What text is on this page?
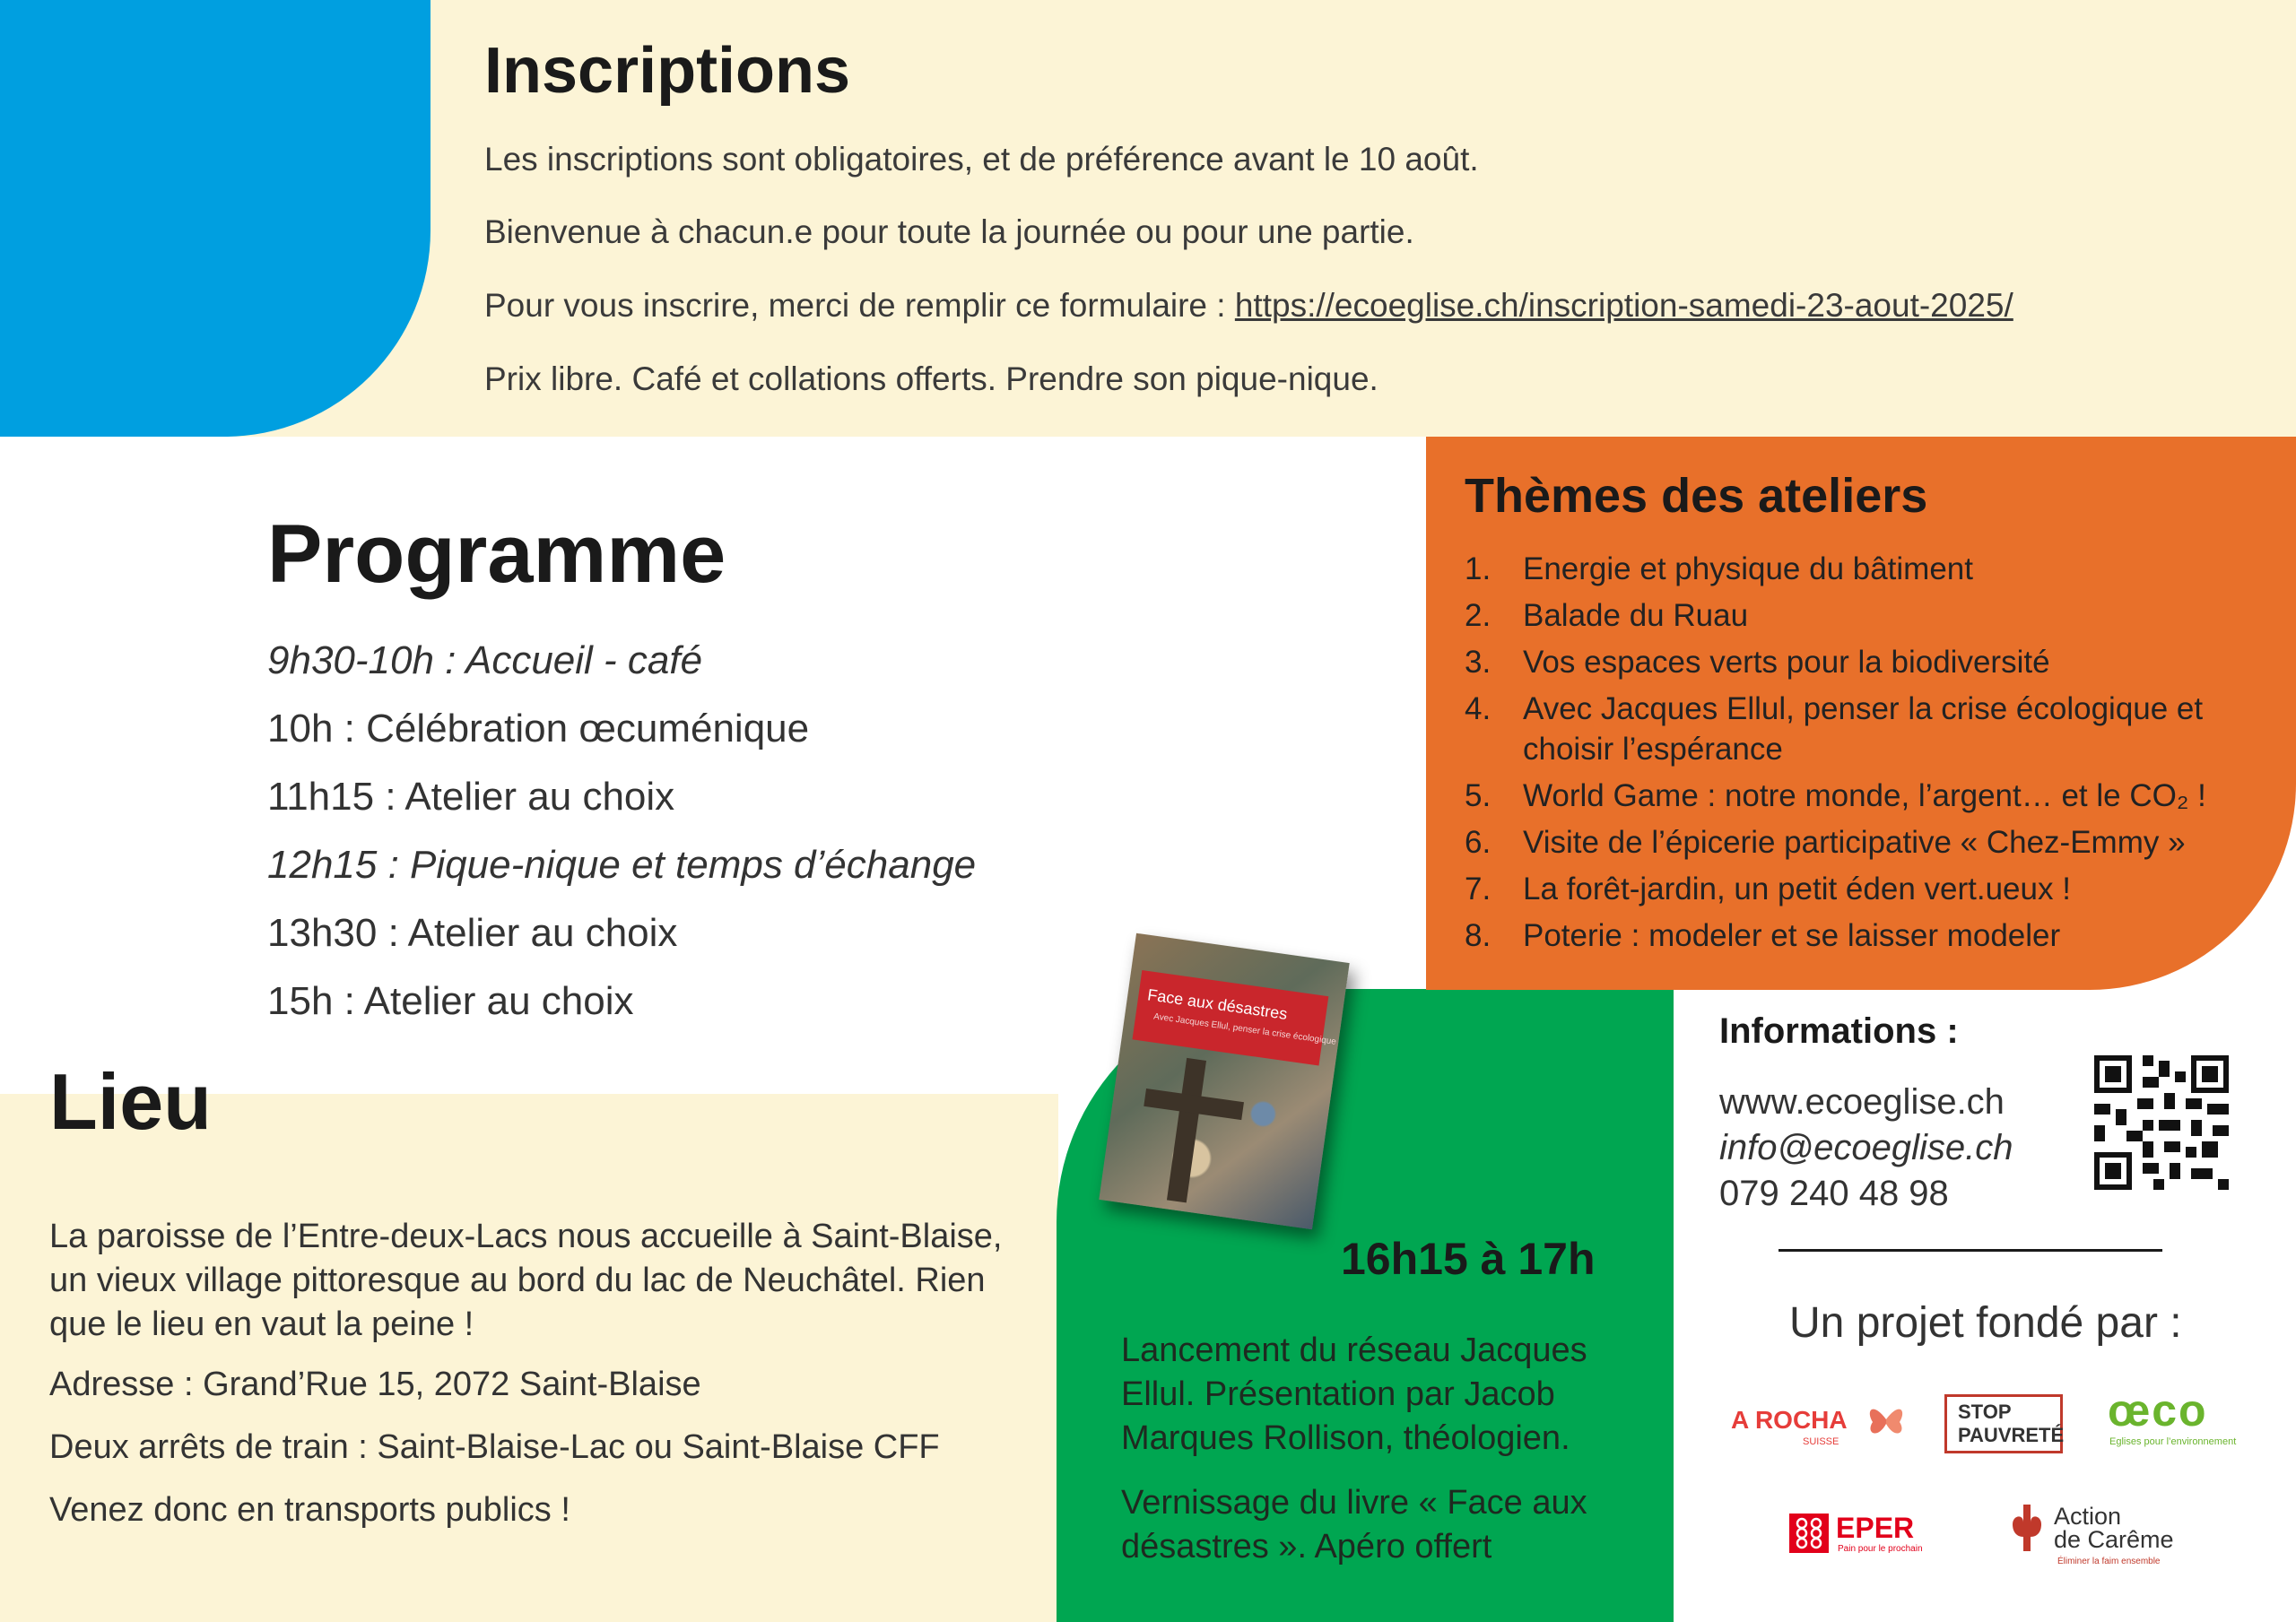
Inscriptions

Les inscriptions sont obligatoires, et de préférence avant le 10 août.

Bienvenue à chacun.e pour toute la journée ou pour une partie.

Pour vous inscrire, merci de remplir ce formulaire : https://ecoeglise.ch/inscription-samedi-23-aout-2025/

Prix libre. Café et collations offerts. Prendre son pique-nique.

Programme

9h30-10h : Accueil - café

10h : Célébration œcuménique

11h15 : Atelier au choix

12h15 : Pique-nique et temps d’échange

13h30 : Atelier au choix

15h : Atelier au choix

Thèmes des ateliers
1. Energie et physique du bâtiment
2. Balade du Ruau
3. Vos espaces verts pour la biodiversité
4. Avec Jacques Ellul, penser la crise écologique et choisir l’espérance
5. World Game : notre monde, l’argent… et le CO₂ !
6. Visite de l’épicerie participative « Chez-Emmy »
7. La forêt-jardin, un petit éden vert.ueux !
8. Poterie : modeler et se laisser modeler
Lieu

La paroisse de l’Entre-deux-Lacs nous accueille à Saint-Blaise, un vieux village pittoresque au bord du lac de Neuchâtel. Rien que le lieu en vaut la peine !

Adresse : Grand’Rue 15, 2072 Saint-Blaise

Deux arrêts de train : Saint-Blaise-Lac ou Saint-Blaise CFF

Venez donc en transports publics !

Face aux désastres

Avec Jacques Ellul, penser la crise écologique

16h15 à 17h

Lancement du réseau Jacques Ellul. Présentation par Jacob Marques Rollison, théologien.

Vernissage du livre « Face aux désastres ». Apéro offert

Informations :

www.ecoeglise.ch
info@ecoeglise.ch

079 240 48 98

Un projet fondé par :

A ROCHA

SUISSE

STOP

PAUVRETÉ œco

Eglises pour l’environnement

EPER

Pain pour le prochain

Action

de Carême

Éliminer la faim ensemble
